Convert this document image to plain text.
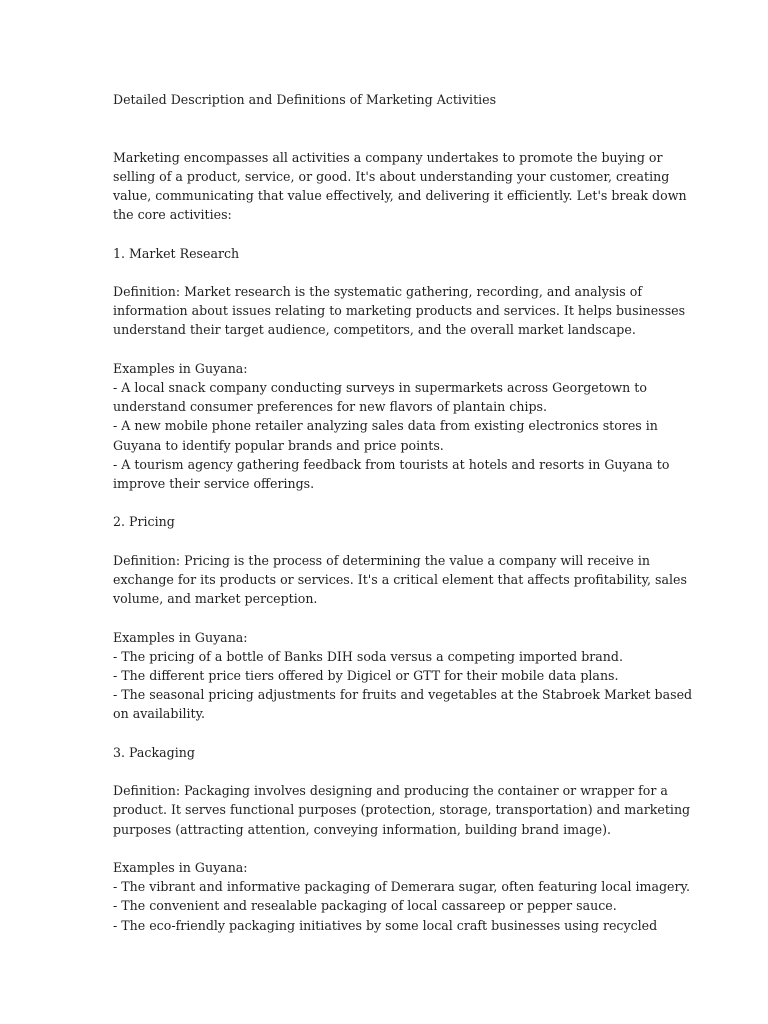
Detailed Description and Definitions of Marketing Activities
Marketing encompasses all activities a company undertakes to promote the buying or
selling of a product, service, or good. It's about understanding your customer, creating
value, communicating that value effectively, and delivering it efficiently. Let's break down
the core activities:
1. Market Research
Definition: Market research is the systematic gathering, recording, and analysis of
information about issues relating to marketing products and services. It helps businesses
understand their target audience, competitors, and the overall market landscape.
Examples in Guyana:
- A local snack company conducting surveys in supermarkets across Georgetown to
understand consumer preferences for new flavors of plantain chips.
- A new mobile phone retailer analyzing sales data from existing electronics stores in
Guyana to identify popular brands and price points.
- A tourism agency gathering feedback from tourists at hotels and resorts in Guyana to
improve their service offerings.
2. Pricing
Definition: Pricing is the process of determining the value a company will receive in
exchange for its products or services. It's a critical element that affects profitability, sales
volume, and market perception.
Examples in Guyana:
- The pricing of a bottle of Banks DIH soda versus a competing imported brand.
- The different price tiers offered by Digicel or GTT for their mobile data plans.
- The seasonal pricing adjustments for fruits and vegetables at the Stabroek Market based
on availability.
3. Packaging
Definition: Packaging involves designing and producing the container or wrapper for a
product. It serves functional purposes (protection, storage, transportation) and marketing
purposes (attracting attention, conveying information, building brand image).
Examples in Guyana:
- The vibrant and informative packaging of Demerara sugar, often featuring local imagery.
- The convenient and resealable packaging of local cassareep or pepper sauce.
- The eco-friendly packaging initiatives by some local craft businesses using recycled
